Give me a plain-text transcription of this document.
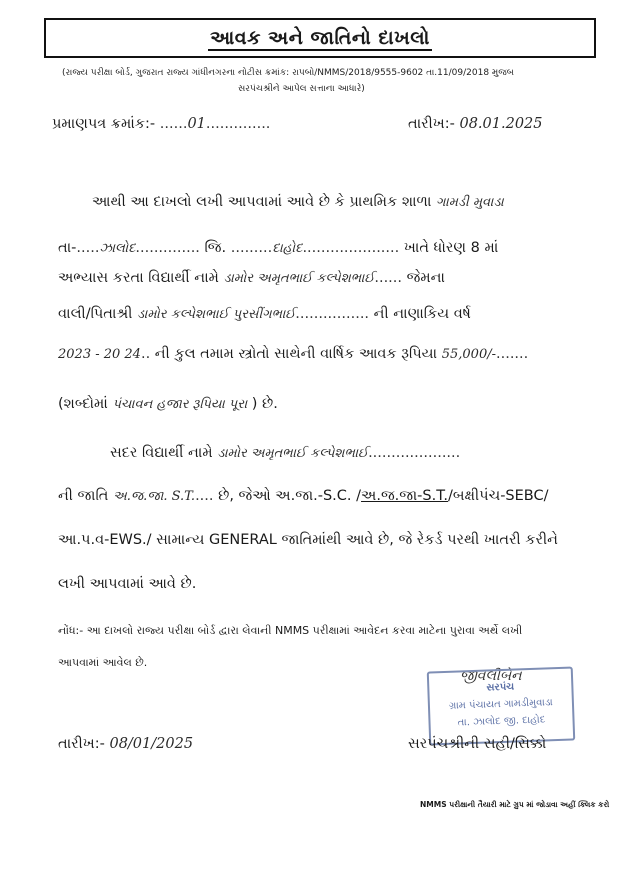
આવક અને જાતિનો દાખલો
(રાજ્ય પરીક્ષા બોર્ડ, ગુજરાત રાજ્ય ગાંધીનગરના નોટીસ ક્રમાંક: રાપબો/NMMS/2018/9555-9602 તા.11/09/2018 મુજબ
સરપંચશ્રીને આપેલ સત્તાના આધારે)
પ્રમાણપત્ર ક્રમાંક:- ......01..............	તારીખ:- 08.01.2025
આથી આ દાખલો લખી આપવામાં આવે છે કે પ્રાથમિક શાળા ગામડી મુવાડા
તા-.....ઝાલોદ.............. જિ. .........દાહોદ..................... ખાતે ધોરણ 8 માં
અભ્યાસ કરતા વિદ્યાર્થી નામે ડામોર અમૃતભાઈ કલ્પેશભાઈ...... જેમના
વાલી/પિતાશ્રી ડામોર કલ્પેશભાઈ પુરસીંગભાઈ................ ની નાણાકિય વર્ષ
2023 - 20 24.. ની કુલ તમામ સ્ત્રોતો સાથેની વાર્ષિક આવક રૂપિયા 55,000/-.......
(શબ્દોમાં પંચાવન હજાર રૂપિયા પૂરા ) છે.
સદર વિદ્યાર્થી નામે ડામોર અમૃતભાઈ કલ્પેશભાઈ....................
ની જાતિ અ.જ.જા. S.T..... છે, જેઓ અ.જા.-S.C. /અ.જ.જા-S.T./બક્ષીપંચ-SEBC/
આ.પ.વ-EWS./ સામાન્ય GENERAL જાતિમાંથી આવે છે, જે રેકર્ડ પરથી ખાતરી કરીને
લખી આપવામાં આવે છે.
નોંધ:- આ દાખલો રાજ્ય પરીક્ષા બોર્ડ દ્વારા લેવાની NMMS પરીક્ષામાં આવેદન કરવા માટેના પુરાવા અર્થે લખી
આપવામાં આવેલ છે.
જીવલીબેન
સરપંચ
ગ્રામ પંચાયત ગામડીમુવાડા
તા. ઝાલોદ જી. દાહોદ
તારીખ:- 08/01/2025	સરપંચશ્રીની સહી/સિક્કો
NMMS પરીક્ષાની તૈયારી માટે ગ્રુપ માં જોડાવા અહીં ક્લિક કરો
